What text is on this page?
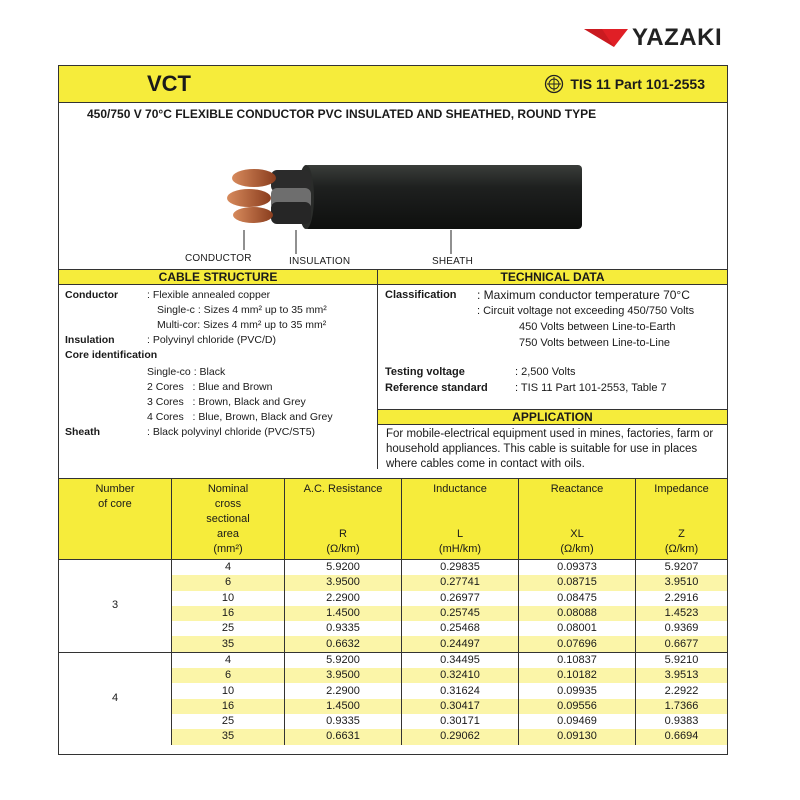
YAZAKI
VCT	TIS 11 Part 101-2553
450/750 V 70°C FLEXIBLE CONDUCTOR PVC INSULATED AND SHEATHED, ROUND TYPE
CONDUCTOR	INSULATION	SHEATH
CABLE STRUCTURE	TECHNICAL DATA
Conductor	: Flexible annealed copper
Single-c : Sizes 4 mm² up to 35 mm²
Multi-cor: Sizes 4 mm² up to 35 mm²
Insulation	: Polyvinyl chloride (PVC/D)
Core identification
Single-co : Black
2 Cores   : Blue and Brown
3 Cores   : Brown, Black and Grey
4 Cores   : Blue, Brown, Black and Grey
Sheath	: Black polyvinyl chloride (PVC/ST5)
Classification : Maximum conductor temperature 70°C
: Circuit voltage not exceeding 450/750 Volts
450 Volts between Line-to-Earth
750 Volts between Line-to-Line
Testing voltage	: 2,500 Volts
Reference standard : TIS 11 Part 101-2553, Table 7
APPLICATION
For mobile-electrical equipment used in mines, factories, farm or household appliances. This cable is suitable for use in places where cables come in contact with oils.
Number
of core	Nominal
cross
sectional
area
(mm²)	A.C. Resistance
R
(Ω/km)	Inductance
L
(mH/km)	Reactance
XL
(Ω/km)	Impedance
Z
(Ω/km)

3	4	5.9200	0.29835	0.09373	5.9207
	6	3.9500	0.27741	0.08715	3.9510
	10	2.2900	0.26977	0.08475	2.2916
	16	1.4500	0.25745	0.08088	1.4523
	25	0.9335	0.25468	0.08001	0.9369
	35	0.6632	0.24497	0.07696	0.6677
4	4	5.9200	0.34495	0.10837	5.9210
	6	3.9500	0.32410	0.10182	3.9513
	10	2.2900	0.31624	0.09935	2.2922
	16	1.4500	0.30417	0.09556	1.7366
	25	0.9335	0.30171	0.09469	0.9383
	35	0.6631	0.29062	0.09130	0.6694
